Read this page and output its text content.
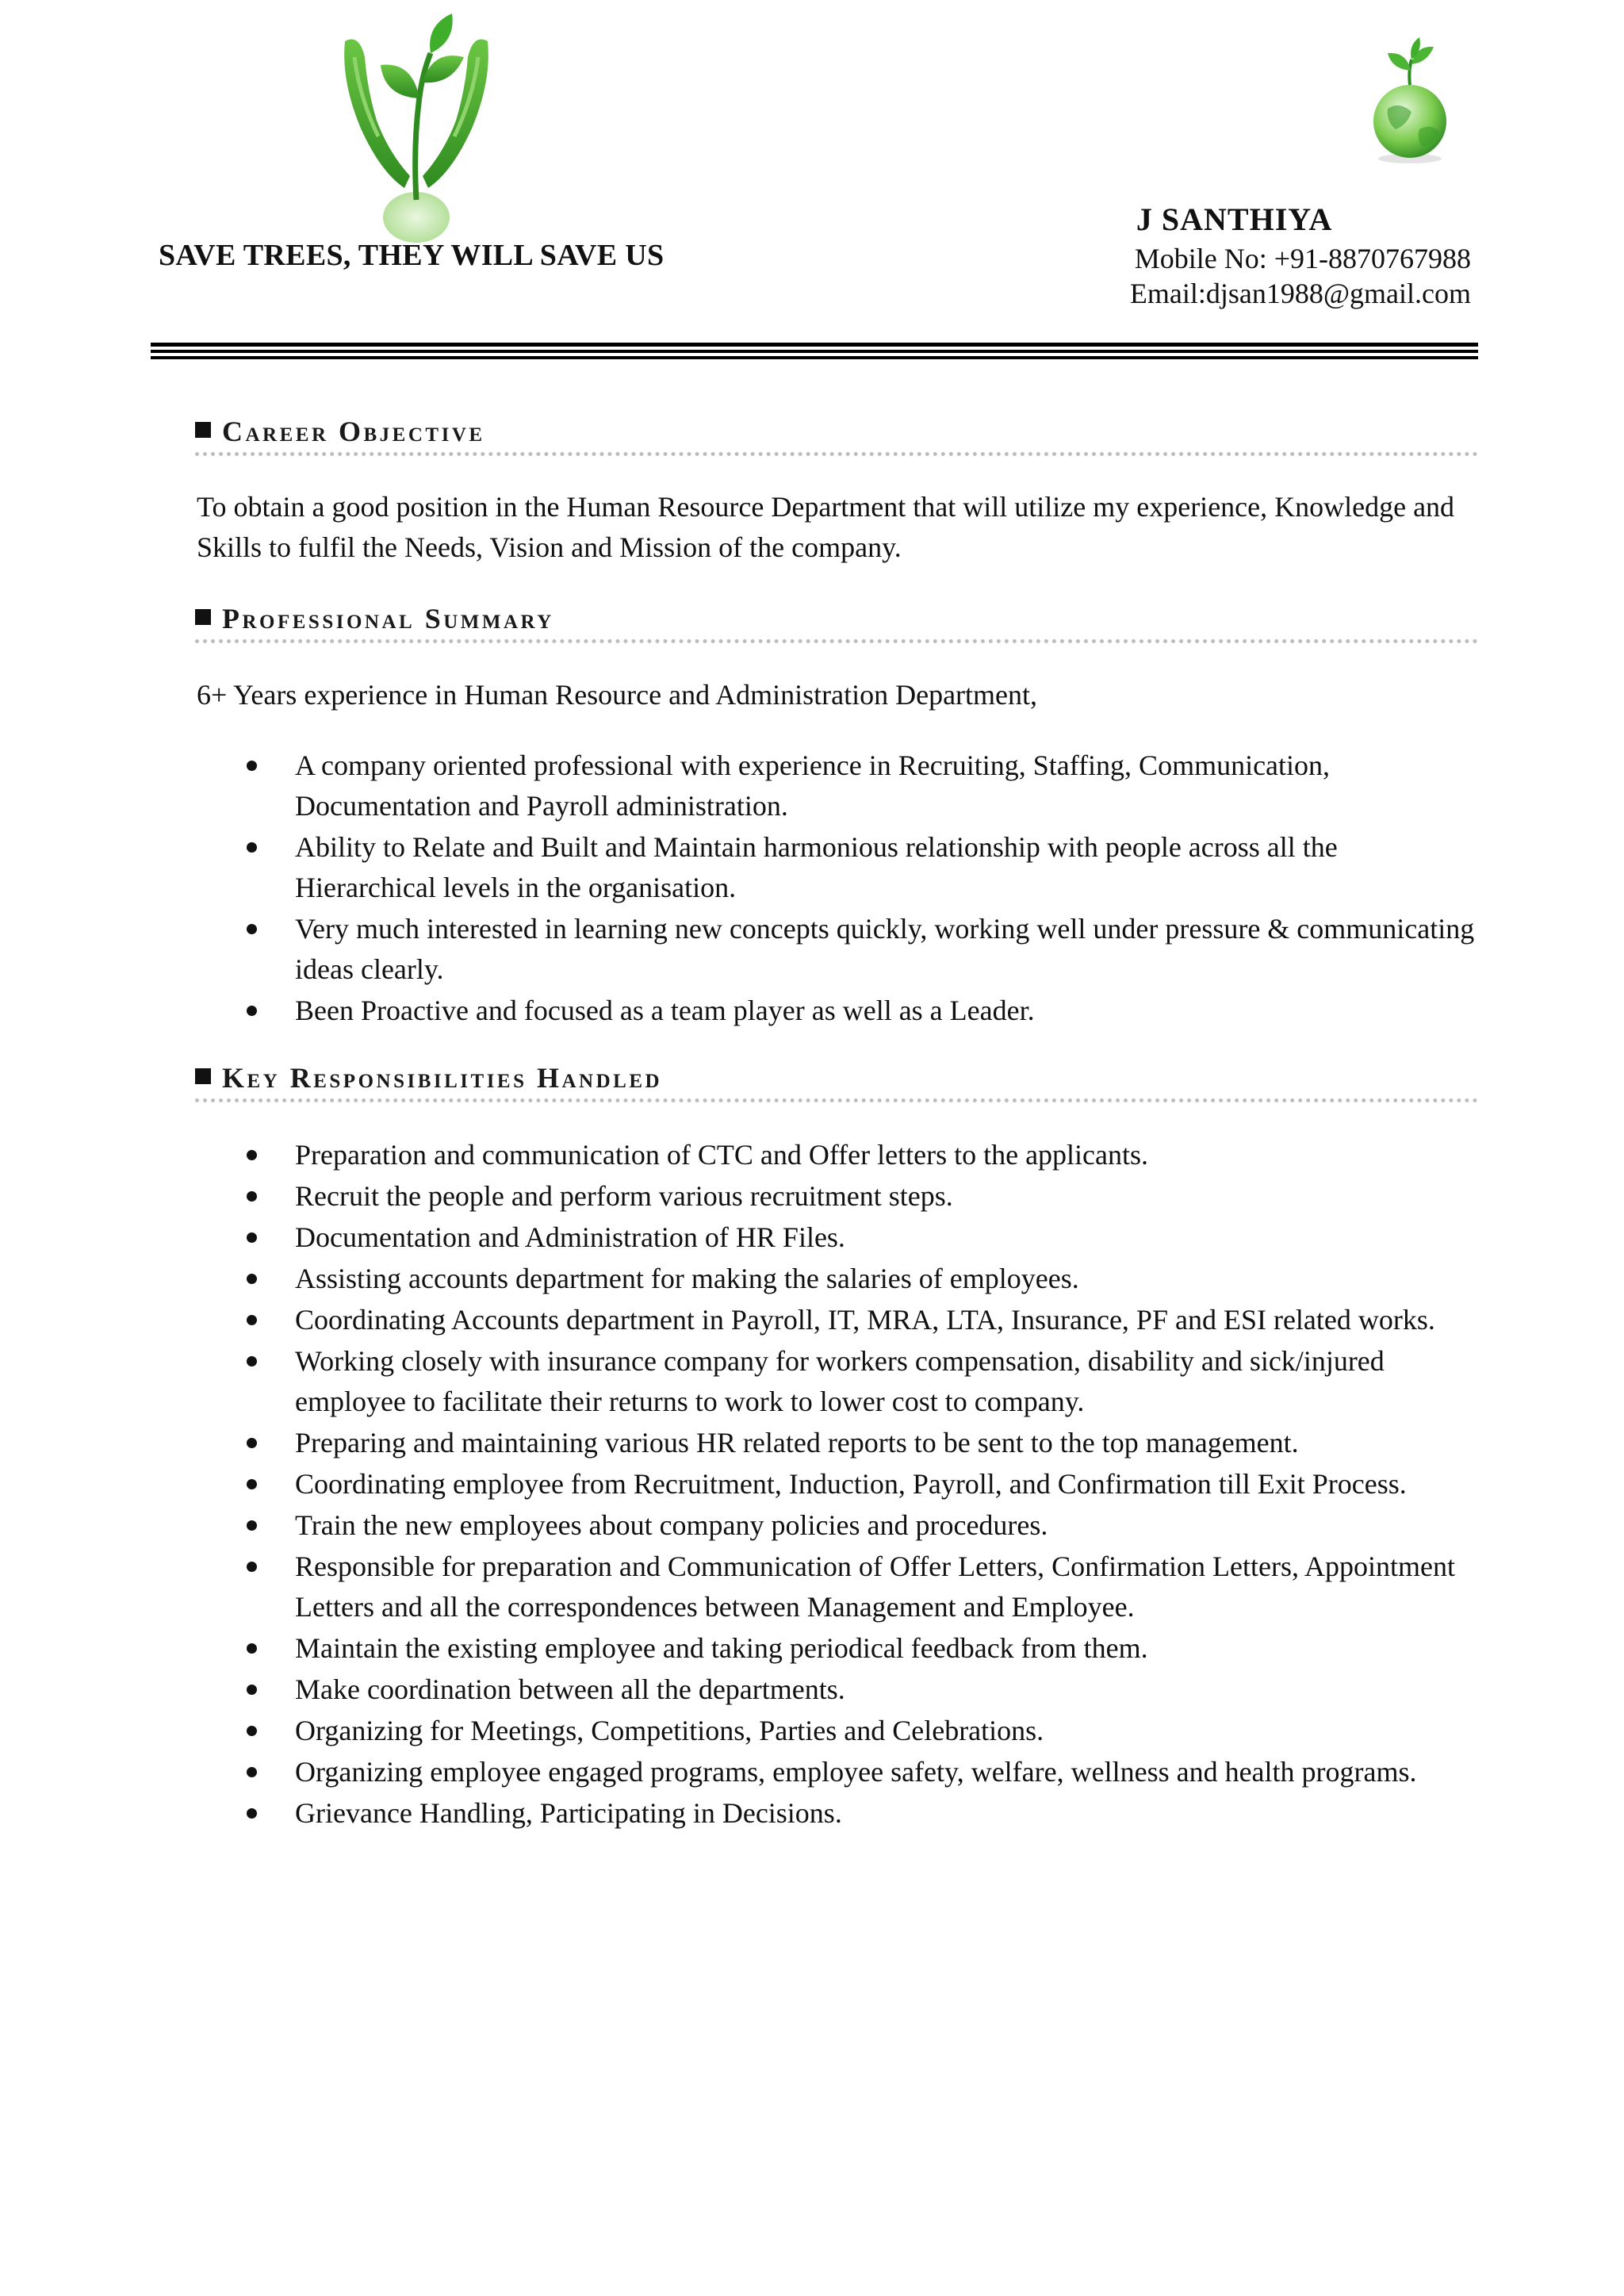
SAVE TREES, THEY WILL SAVE US
J SANTHIYA
Mobile No: +91-8870767988
Email:djsan1988@gmail.com
Career Objective
To obtain a good position in the Human Resource Department that will utilize my experience, Knowledge and Skills to fulfil the Needs, Vision and Mission of the company.
Professional Summary
6+ Years experience in Human Resource and Administration Department,
A company oriented professional with experience in Recruiting, Staffing, Communication, Documentation and Payroll administration.
Ability to Relate and Built and Maintain harmonious relationship with people across all the Hierarchical levels in the organisation.
Very much interested in learning new concepts quickly, working well under pressure & communicating ideas clearly.
Been Proactive and focused as a team player as well as a Leader.
Key Responsibilities Handled
Preparation and communication of CTC and Offer letters to the applicants.
Recruit the people and perform various recruitment steps.
Documentation and Administration of HR Files.
Assisting accounts department for making the salaries of employees.
Coordinating Accounts department in Payroll, IT, MRA, LTA, Insurance, PF and ESI related works.
Working closely with insurance company for workers compensation, disability and sick/injured employee to facilitate their returns to work to lower cost to company.
Preparing and maintaining various HR related reports to be sent to the top management.
Coordinating employee from Recruitment, Induction, Payroll, and Confirmation till Exit Process.
Train the new employees about company policies and procedures.
Responsible for preparation and Communication of Offer Letters, Confirmation Letters, Appointment Letters and all the correspondences between Management and Employee.
Maintain the existing employee and taking periodical feedback from them.
Make coordination between all the departments.
Organizing for Meetings, Competitions, Parties and Celebrations.
Organizing employee engaged programs, employee safety, welfare, wellness and health programs.
Grievance Handling, Participating in Decisions.
